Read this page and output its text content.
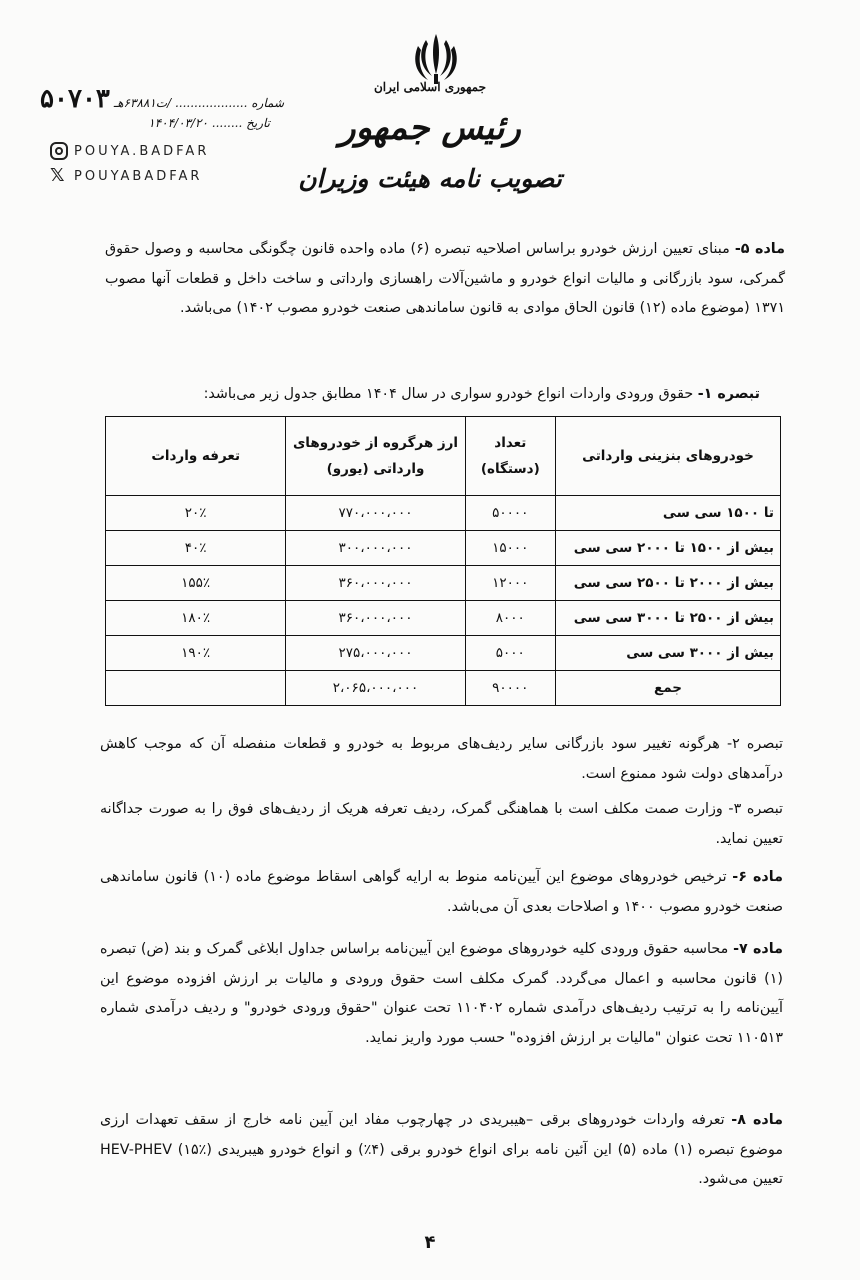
جمهوری اسلامی ایران
رئیس جمهور
تصویب نامه هیئت وزیران
شماره ................... /ت۶۳۸۸۱هـ ۵۰۷۰۳
تاریخ ........ ۱۴۰۴/۰۳/۲۰
POUYA.BADFAR
𝕏 POUYABADFAR
ماده ۵- مبنای تعیین ارزش خودرو براساس اصلاحیه تبصره (۶) ماده واحده قانون چگونگی محاسبه و وصول حقوق گمرکی، سود بازرگانی و مالیات انواع خودرو و ماشین‌آلات راهسازی وارداتی و ساخت داخل و قطعات آنها مصوب ۱۳۷۱ (موضوع ماده (۱۲) قانون الحاق موادی به قانون ساماندهی صنعت خودرو مصوب ۱۴۰۲) می‌باشد.
تبصره ۱- حقوق ورودی واردات انواع خودرو سواری در سال ۱۴۰۴ مطابق جدول زیر می‌باشد:
خودروهای بنزینی وارداتی	تعداد (دستگاه)	ارز هرگروه از خودروهای وارداتی (یورو)	تعرفه واردات
تا ۱۵۰۰ سی سی	۵۰۰۰۰	۷۷۰،۰۰۰،۰۰۰	۲۰٪
بیش از ۱۵۰۰ تا ۲۰۰۰ سی سی	۱۵۰۰۰	۳۰۰،۰۰۰،۰۰۰	۴۰٪
بیش از ۲۰۰۰ تا ۲۵۰۰ سی سی	۱۲۰۰۰	۳۶۰،۰۰۰،۰۰۰	۱۵۵٪
بیش از ۲۵۰۰ تا ۳۰۰۰ سی سی	۸۰۰۰	۳۶۰،۰۰۰،۰۰۰	۱۸۰٪
بیش از ۳۰۰۰ سی سی	۵۰۰۰	۲۷۵،۰۰۰،۰۰۰	۱۹۰٪
جمع	۹۰۰۰۰	۲،۰۶۵،۰۰۰،۰۰۰	
تبصره ۲- هرگونه تغییر سود بازرگانی سایر ردیف‌های مربوط به خودرو و قطعات منفصله آن که موجب کاهش درآمدهای دولت شود ممنوع است.
تبصره ۳- وزارت صمت مکلف است با هماهنگی گمرک، ردیف تعرفه هریک از ردیف‌های فوق را به صورت جداگانه تعیین نماید.
ماده ۶- ترخیص خودروهای موضوع این آیین‌نامه منوط به ارایه گواهی اسقاط موضوع ماده (۱۰) قانون ساماندهی صنعت خودرو مصوب ۱۴۰۰ و اصلاحات بعدی آن می‌باشد.
ماده ۷- محاسبه حقوق ورودی کلیه خودروهای موضوع این آیین‌نامه براساس جداول ابلاغی گمرک و بند (ض) تبصره (۱) قانون محاسبه و اعمال می‌گردد. گمرک مکلف است حقوق ورودی و مالیات بر ارزش افزوده موضوع این آیین‌نامه را به ترتیب ردیف‌های درآمدی شماره ۱۱۰۴۰۲ تحت عنوان "حقوق ورودی خودرو" و ردیف درآمدی شماره ۱۱۰۵۱۳ تحت عنوان "مالیات بر ارزش افزوده" حسب مورد واریز نماید.
ماده ۸- تعرفه واردات خودروهای برقی –هیبریدی در چهارچوب مفاد این آیین نامه خارج از سقف تعهدات ارزی موضوع تبصره (۱) ماده (۵) این آئین نامه برای انواع خودرو برقی (۴٪) و انواع خودرو هیبریدی HEV-PHEV (۱۵٪) تعیین می‌شود.
۴
